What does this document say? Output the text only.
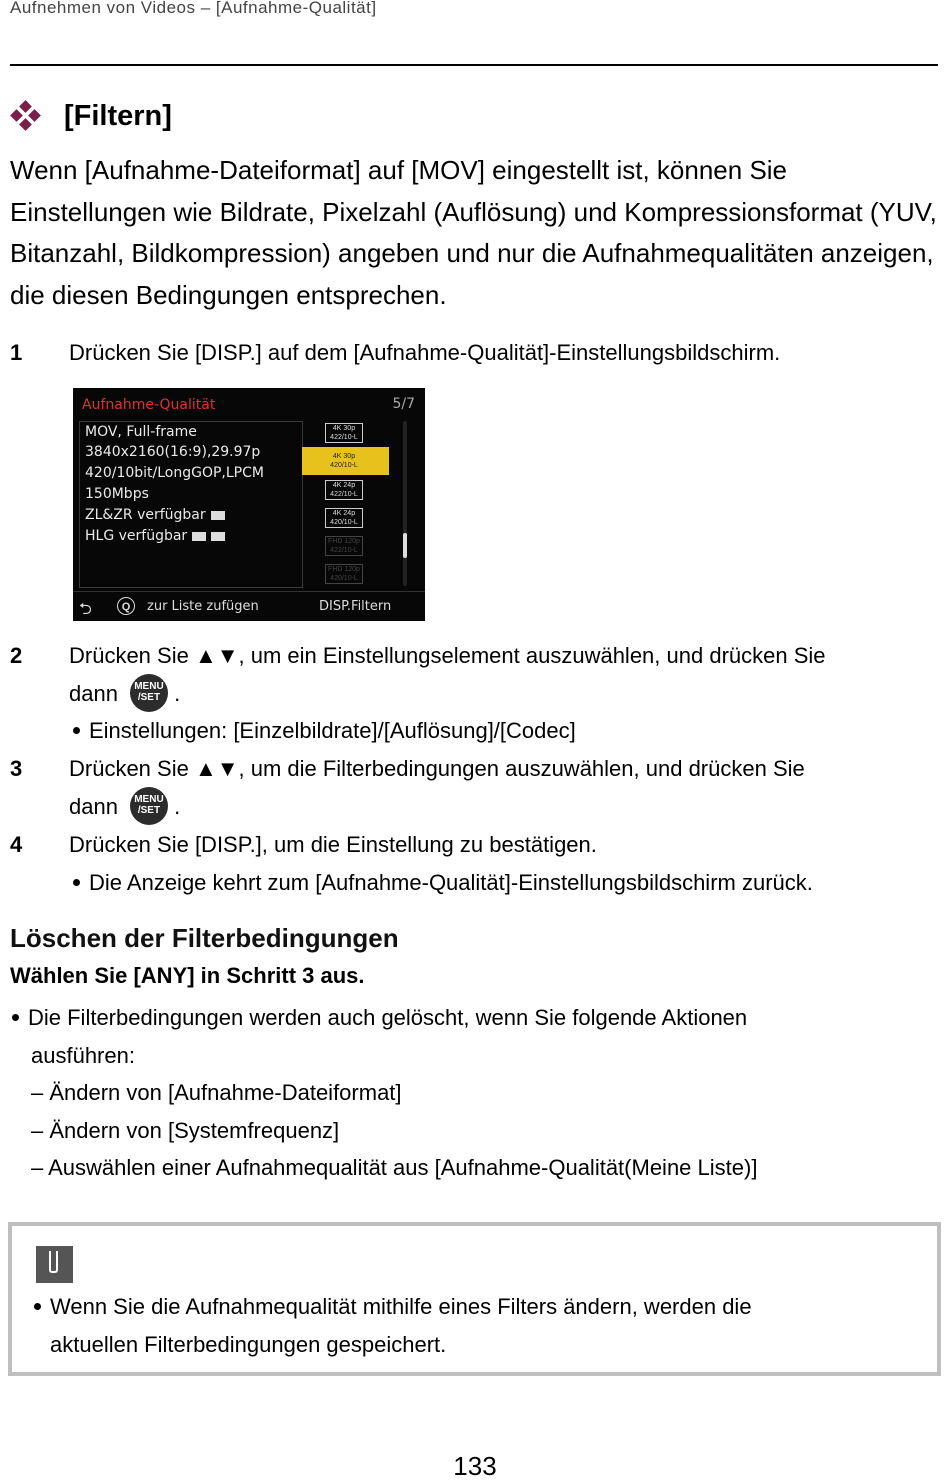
Aufnehmen von Videos – [Aufnahme-Qualität]
[Filtern]
Wenn [Aufnahme-Dateiformat] auf [MOV] eingestellt ist, können Sie Einstellungen wie Bildrate, Pixelzahl (Auflösung) und Kompressionsformat (YUV, Bitanzahl, Bildkompression) angeben und nur die Aufnahmequalitäten anzeigen, die diesen Bedingungen entsprechen.
1 Drücken Sie [DISP.] auf dem [Aufnahme-Qualität]-Einstellungsbildschirm.
Aufnahme-Qualität	5/7
MOV, Full-frame
3840x2160(16:9),29.97p
420/10bit/LongGOP,LPCM
150Mbps
ZL&ZR verfügbar
HLG verfügbar
4K 30p
422/10-L
4K 30p
420/10-L
4K 24p
422/10-L
4K 24p
420/10-L
FHD 120p
422/10-L
FHD 120p
420/10-L
⮌	Q	zur Liste zufügen	DISP.Filtern
2 Drücken Sie ▲▼, um ein Einstellungselement auszuwählen, und drücken Sie
dann	MENU
/SET .
Einstellungen: [Einzelbildrate]/[Auflösung]/[Codec]
3 Drücken Sie ▲▼, um die Filterbedingungen auszuwählen, und drücken Sie
dann	MENU
/SET .
4 Drücken Sie [DISP.], um die Einstellung zu bestätigen.
Die Anzeige kehrt zum [Aufnahme-Qualität]-Einstellungsbildschirm zurück.
Löschen der Filterbedingungen
Wählen Sie [ANY] in Schritt 3 aus.
Die Filterbedingungen werden auch gelöscht, wenn Sie folgende Aktionen
ausführen:
– Ändern von [Aufnahme-Dateiformat]
– Ändern von [Systemfrequenz]
– Auswählen einer Aufnahmequalität aus [Aufnahme-Qualität(Meine Liste)]
Wenn Sie die Aufnahmequalität mithilfe eines Filters ändern, werden die
aktuellen Filterbedingungen gespeichert.
133
